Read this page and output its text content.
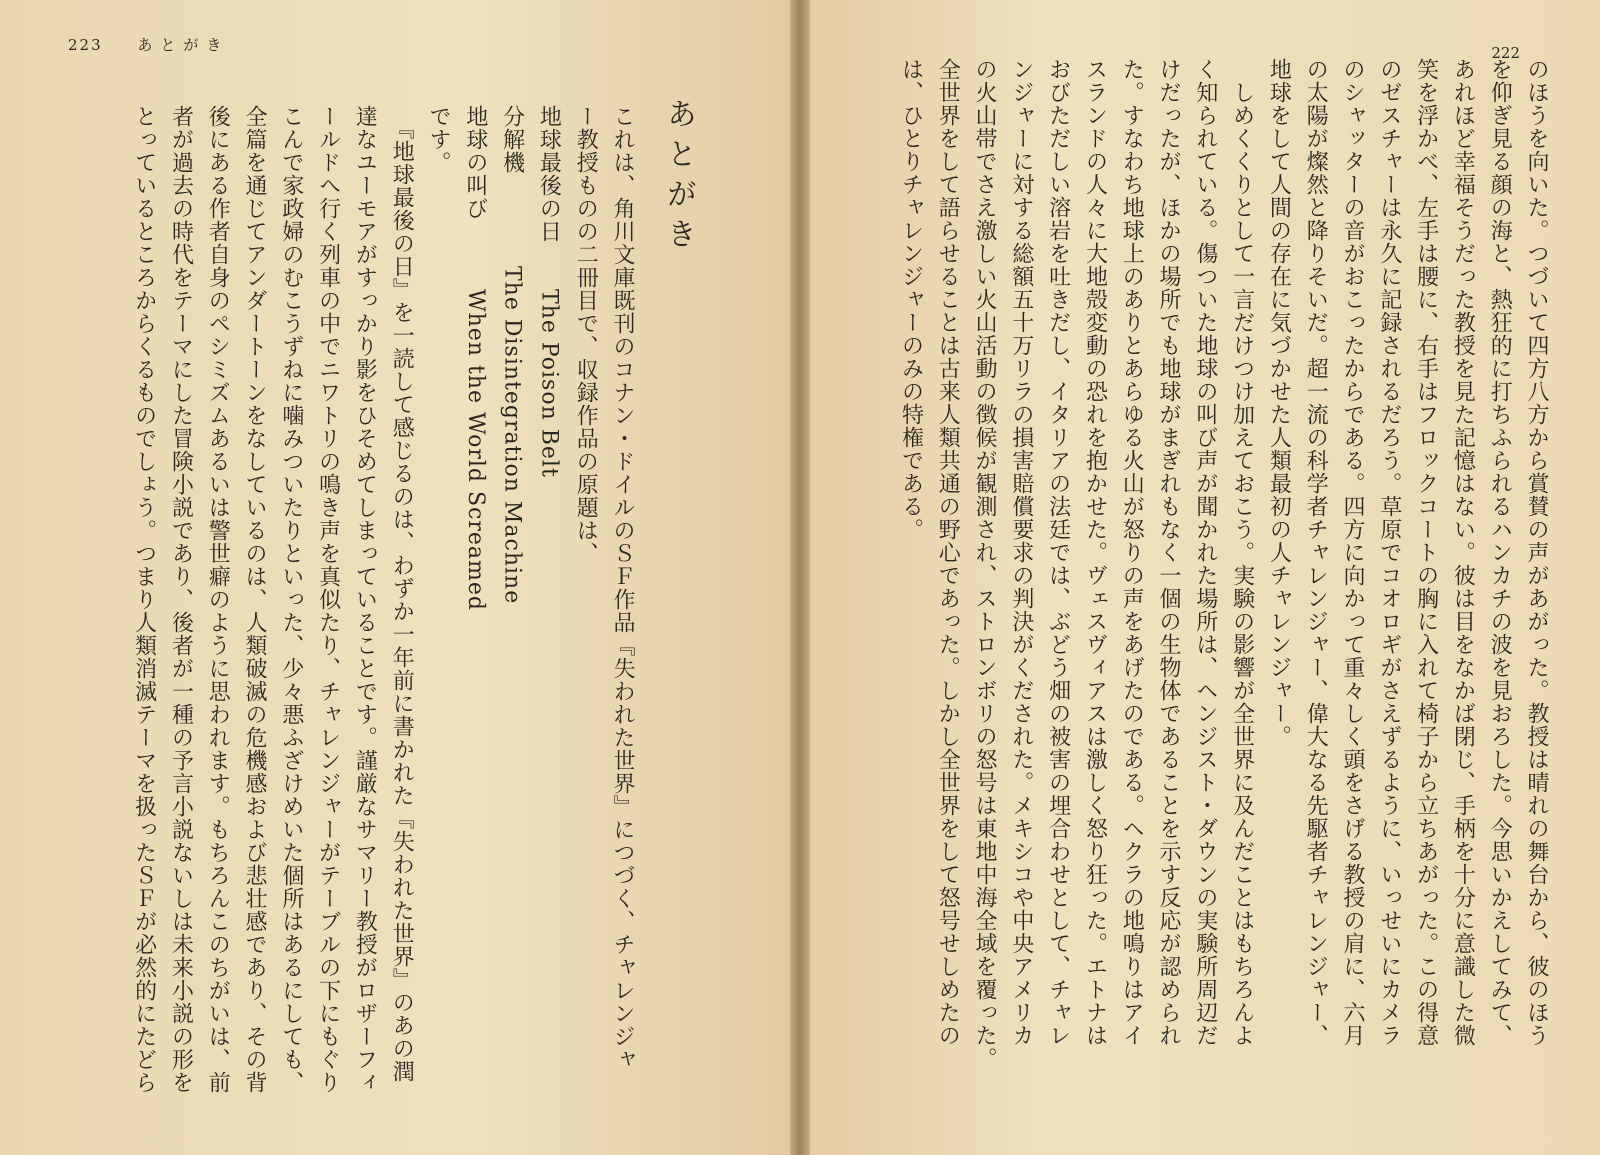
223 あとがき
あとがき
これは、角川文庫既刊のコナン・ドイルのＳＦ作品『失われた世界』につづく、チャレンジャ
ー教授ものの二冊目で、収録作品の原題は、
地球最後の日　　The Poison Belt
分解機　　　　The Disintegration Machine
地球の叫び　　　When the World Screamed
です。
　『地球最後の日』を一読して感じるのは、わずか一年前に書かれた『失われた世界』のあの潤
達なユーモアがすっかり影をひそめてしまっていることです。謹厳なサマリー教授がロザーフィ
ールドへ行く列車の中でニワトリの鳴き声を真似たり、チャレンジャーがテーブルの下にもぐり
こんで家政婦のむこうずねに噛みついたりといった、少々悪ふざけめいた個所はあるにしても、
全篇を通じてアンダートーンをなしているのは、人類破滅の危機感および悲壮感であり、その背
後にある作者自身のペシミズムあるいは警世癖のように思われます。もちろんこのちがいは、前
者が過去の時代をテーマにした冒険小説であり、後者が一種の予言小説ないしは未来小説の形を
とっているところからくるものでしょう。つまり人類消滅テーマを扱ったＳＦが必然的にたどら
222
のほうを向いた。つづいて四方八方から賞賛の声があがった。教授は晴れの舞台から、彼のほう
を仰ぎ見る顔の海と、熱狂的に打ちふられるハンカチの波を見おろした。今思いかえしてみて、
あれほど幸福そうだった教授を見た記憶はない。彼は目をなかば閉じ、手柄を十分に意識した微
笑を浮かべ、左手は腰に、右手はフロックコートの胸に入れて椅子から立ちあがった。この得意
のゼスチャーは永久に記録されるだろう。草原でコオロギがさえずるように、いっせいにカメラ
のシャッターの音がおこったからである。四方に向かって重々しく頭をさげる教授の肩に、六月
の太陽が燦然と降りそいだ。超一流の科学者チャレンジャー、偉大なる先駆者チャレンジャー、
地球をして人間の存在に気づかせた人類最初の人チャレンジャー。
　しめくくりとして一言だけつけ加えておこう。実験の影響が全世界に及んだことはもちろんよ
く知られている。傷ついた地球の叫び声が聞かれた場所は、ヘンジスト・ダウンの実験所周辺だ
けだったが、ほかの場所でも地球がまぎれもなく一個の生物体であることを示す反応が認められ
た。すなわち地球上のありとあらゆる火山が怒りの声をあげたのである。ヘクラの地鳴りはアイ
スランドの人々に大地殻変動の恐れを抱かせた。ヴェスヴィアスは激しく怒り狂った。エトナは
おびただしい溶岩を吐きだし、イタリアの法廷では、ぶどう畑の被害の埋合わせとして、チャレ
ンジャーに対する総額五十万リラの損害賠償要求の判決がくだされた。メキシコや中央アメリカ
の火山帯でさえ激しい火山活動の徴候が観測され、ストロンボリの怒号は東地中海全域を覆った。
全世界をして語らせることは古来人類共通の野心であった。しかし全世界をして怒号せしめたの
は、ひとりチャレンジャーのみの特権である。
